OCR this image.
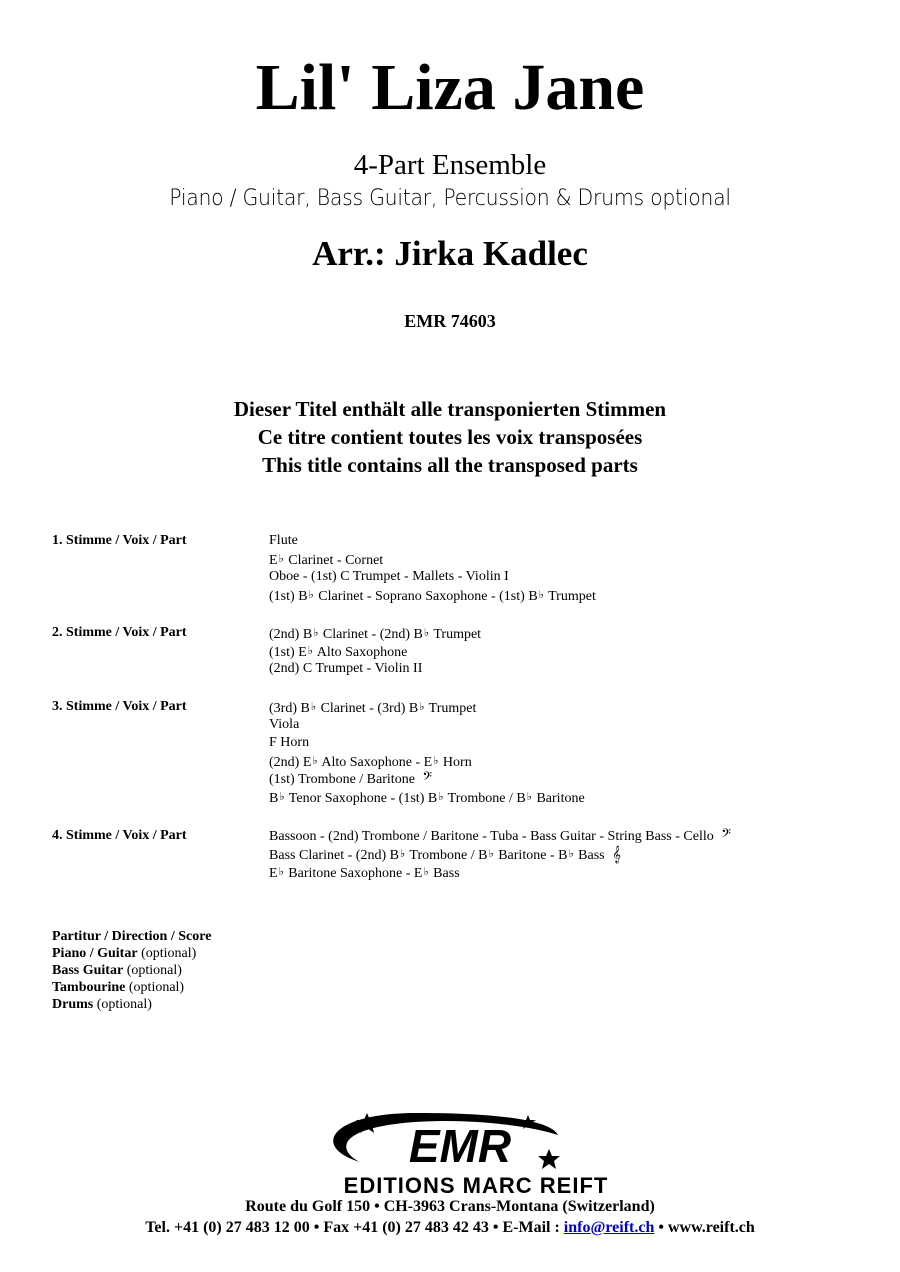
Lil' Liza Jane
4-Part Ensemble
Piano / Guitar, Bass Guitar, Percussion & Drums optional
Arr.: Jirka Kadlec
EMR 74603
Dieser Titel enthält alle transponierten Stimmen
Ce titre contient toutes les voix transposées
This title contains all the transposed parts
1. Stimme / Voix / Part	Flute
E♭ Clarinet - Cornet
Oboe - (1st) C Trumpet - Mallets - Violin I
(1st) B♭ Clarinet - Soprano Saxophone - (1st) B♭ Trumpet
2. Stimme / Voix / Part	(2nd) B♭ Clarinet - (2nd) B♭ Trumpet
(1st) E♭ Alto Saxophone
(2nd) C Trumpet - Violin II
3. Stimme / Voix / Part	(3rd) B♭ Clarinet - (3rd) B♭ Trumpet
Viola
F Horn
(2nd) E♭ Alto Saxophone - E♭ Horn
(1st) Trombone / Baritone 𝄢
B♭ Tenor Saxophone - (1st) B♭ Trombone / B♭ Baritone
4. Stimme / Voix / Part	Bassoon - (2nd) Trombone / Baritone - Tuba - Bass Guitar - String Bass - Cello 𝄢
Bass Clarinet - (2nd) B♭ Trombone / B♭ Baritone - B♭ Bass 𝄞
E♭ Baritone Saxophone - E♭ Bass
Partitur / Direction / Score
Piano / Guitar (optional)
Bass Guitar (optional)
Tambourine (optional)
Drums (optional)
EMR
EDITIONS MARC REIFT
Route du Golf 150 • CH-3963 Crans-Montana (Switzerland)
Tel. +41 (0) 27 483 12 00 • Fax +41 (0) 27 483 42 43 • E-Mail : info@reift.ch • www.reift.ch
